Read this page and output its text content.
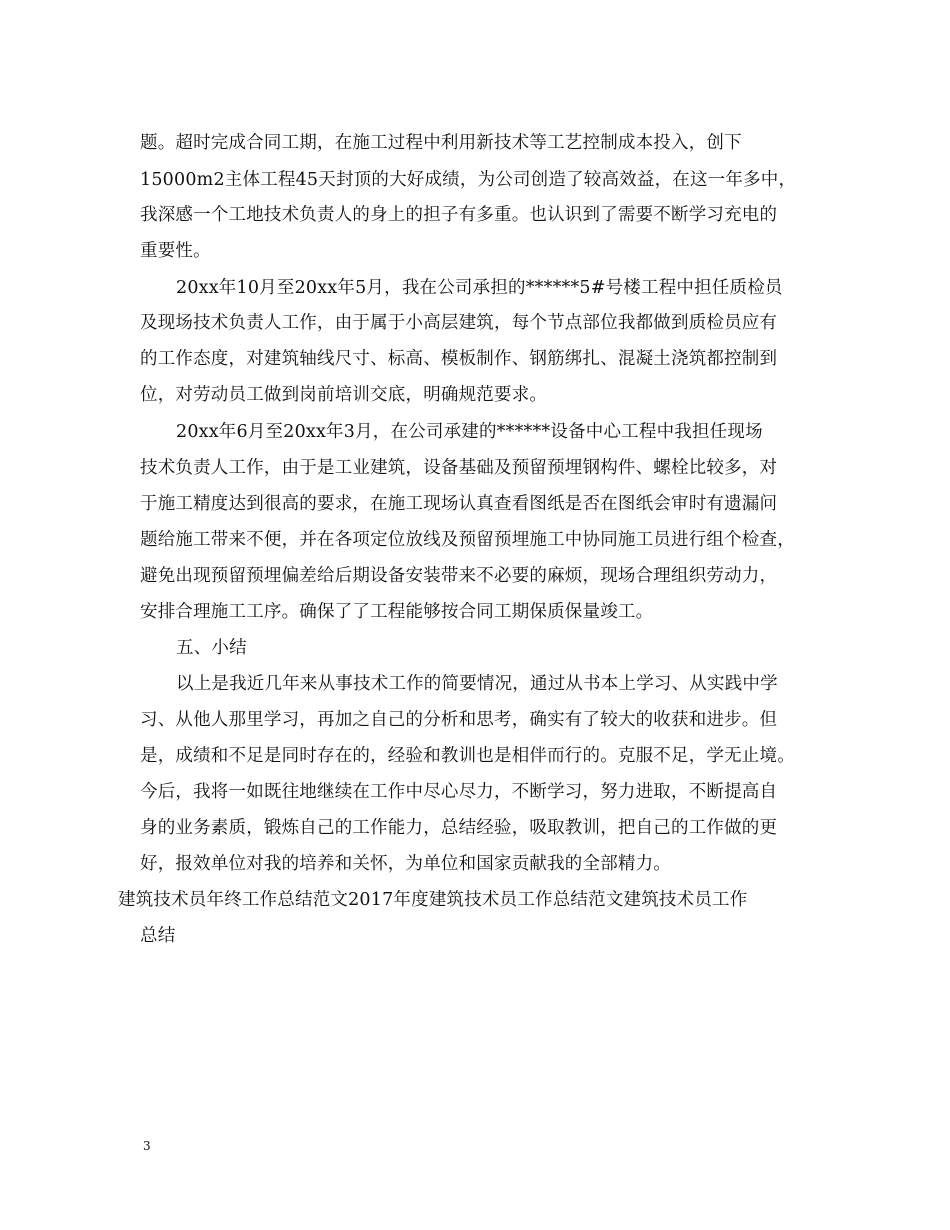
题。超时完成合同工期，在施工过程中利用新技术等工艺控制成本投入，创下
15000m2主体工程45天封顶的大好成绩，为公司创造了较高效益，在这一年多中，
我深感一个工地技术负责人的身上的担子有多重。也认识到了需要不断学习充电的
重要性。
20xx年10月至20xx年5月，我在公司承担的******5#号楼工程中担任质检员
及现场技术负责人工作，由于属于小高层建筑，每个节点部位我都做到质检员应有
的工作态度，对建筑轴线尺寸、标高、模板制作、钢筋绑扎、混凝土浇筑都控制到
位，对劳动员工做到岗前培训交底，明确规范要求。
20xx年6月至20xx年3月，在公司承建的******设备中心工程中我担任现场
技术负责人工作，由于是工业建筑，设备基础及预留预埋钢构件、螺栓比较多，对
于施工精度达到很高的要求，在施工现场认真查看图纸是否在图纸会审时有遗漏问
题给施工带来不便，并在各项定位放线及预留预埋施工中协同施工员进行组个检查，
避免出现预留预埋偏差给后期设备安装带来不必要的麻烦，现场合理组织劳动力，
安排合理施工工序。确保了了工程能够按合同工期保质保量竣工。
五、小结
以上是我近几年来从事技术工作的简要情况，通过从书本上学习、从实践中学
习、从他人那里学习，再加之自己的分析和思考，确实有了较大的收获和进步。但
是，成绩和不足是同时存在的，经验和教训也是相伴而行的。克服不足，学无止境。
今后，我将一如既往地继续在工作中尽心尽力，不断学习，努力进取，不断提高自
身的业务素质，锻炼自己的工作能力，总结经验，吸取教训，把自己的工作做的更
好，报效单位对我的培养和关怀，为单位和国家贡献我的全部精力。
建筑技术员年终工作总结范文2017年度建筑技术员工作总结范文建筑技术员工作
总结
3
